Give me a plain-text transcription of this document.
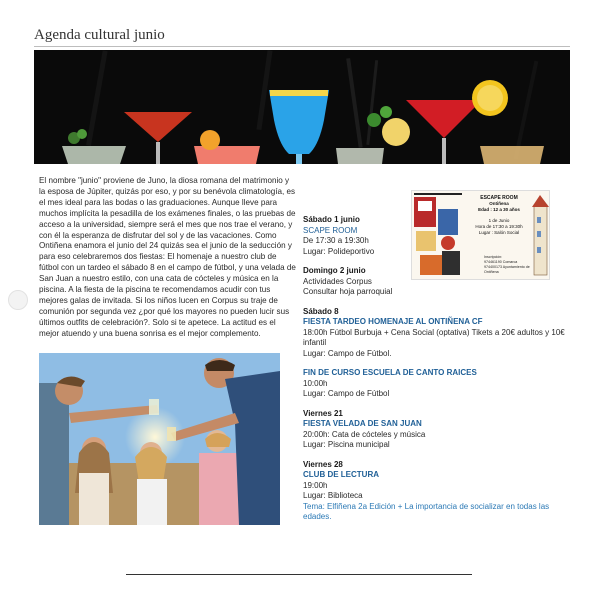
Agenda cultural junio

El nombre "junio" proviene de Juno, la diosa romana del matrimonio y la esposa de Júpiter, quizás por eso, y por su benévola climatología, es el mes ideal para las bodas o las graduaciones. Aunque lleve para muchos implícita la pesadilla de los exámenes finales, o las pruebas de acceso a la universidad, siempre será el mes que nos trae el verano, y con él la esperanza de disfrutar del sol y de las vacaciones. Como Ontiñena enamora el junio del 24 quizás sea el junio de la seducción y para eso celebraremos dos fiestas: El homenaje a nuestro club de fútbol con un tardeo el sábado 8 en el campo de fútbol, y una velada de San Juan a nuestro estilo, con una cata de cócteles y música en la piscina. A la fiesta de la piscina te recomendamos acudir con tus mejores galas de invitada. Si los niños lucen en Corpus su traje de comunión por segunda vez ¿por qué los mayores no pueden lucir sus últimos outfits de celebración?. Solo si te apetece. La actitud es el mejor atuendo y una buena sonrisa es el mejor complemento.

ESCAPE ROOM
Ontiñena
Edad : 12 a 30 años
1 de Junio
Hora de 17:30 a 19:30h
Lugar : Salón Social
Inscripción:
974461190 Comarca
974400173 Ayuntamiento de Ontiñena
Sábado 1 junio
SCAPE ROOM
De 17:30 a 19:30h
Lugar: Polideportivo
Domingo 2 junio
Actividades Corpus
Consultar hoja parroquial
Sábado 8
FIESTA TARDEO HOMENAJE AL ONTIÑENA CF
18:00h Fútbol Burbuja + Cena Social (optativa) Tikets a 20€ adultos y 10€ infantil
Lugar: Campo de Fútbol.
FIN DE CURSO ESCUELA DE CANTO RAICES
10:00h
Lugar: Campo de Fútbol
Viernes 21
FIESTA VELADA DE SAN JUAN
20:00h: Cata de cócteles y música
Lugar: Piscina municipal
Viernes 28
CLUB DE LECTURA
19:00h
Lugar: Biblioteca
Tema: Elfiñena 2a Edición + La importancia de socializar en todas las edades.
